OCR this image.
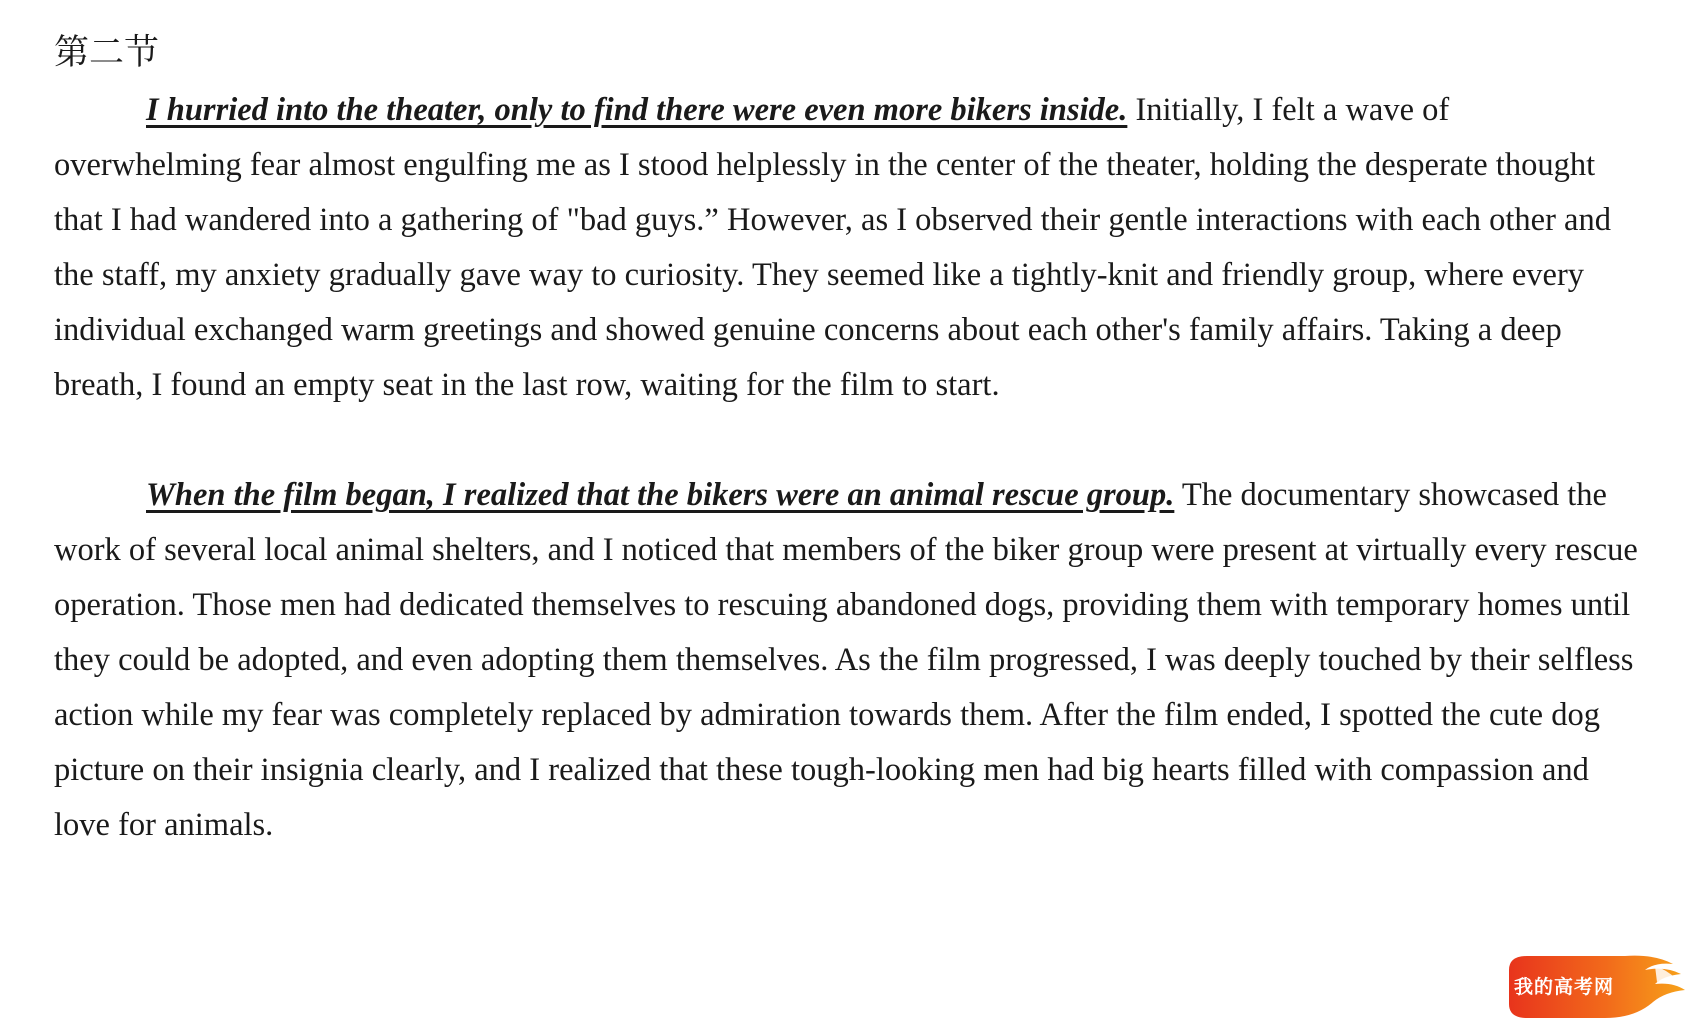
第二节

I hurried into the theater, only to find there were even more bikers inside. Initially, I felt a wave of overwhelming fear almost engulfing me as I stood helplessly in the center of the theater, holding the desperate thought that I had wandered into a gathering of "bad guys.” However, as I observed their gentle interactions with each other and the staff, my anxiety gradually gave way to curiosity. They seemed like a tightly-knit and friendly group, where every individual exchanged warm greetings and showed genuine concerns about each other's family affairs. Taking a deep breath, I found an empty seat in the last row, waiting for the film to start.

When the film began, I realized that the bikers were an animal rescue group. The documentary showcased the work of several local animal shelters, and I noticed that members of the biker group were present at virtually every rescue operation. Those men had dedicated themselves to rescuing abandoned dogs, providing them with temporary homes until they could be adopted, and even adopting them themselves. As the film progressed, I was deeply touched by their selfless action while my fear was completely replaced by admiration towards them. After the film ended, I spotted the cute dog picture on their insignia clearly, and I realized that these tough-looking men had big hearts filled with compassion and love for animals.

我的高考网
